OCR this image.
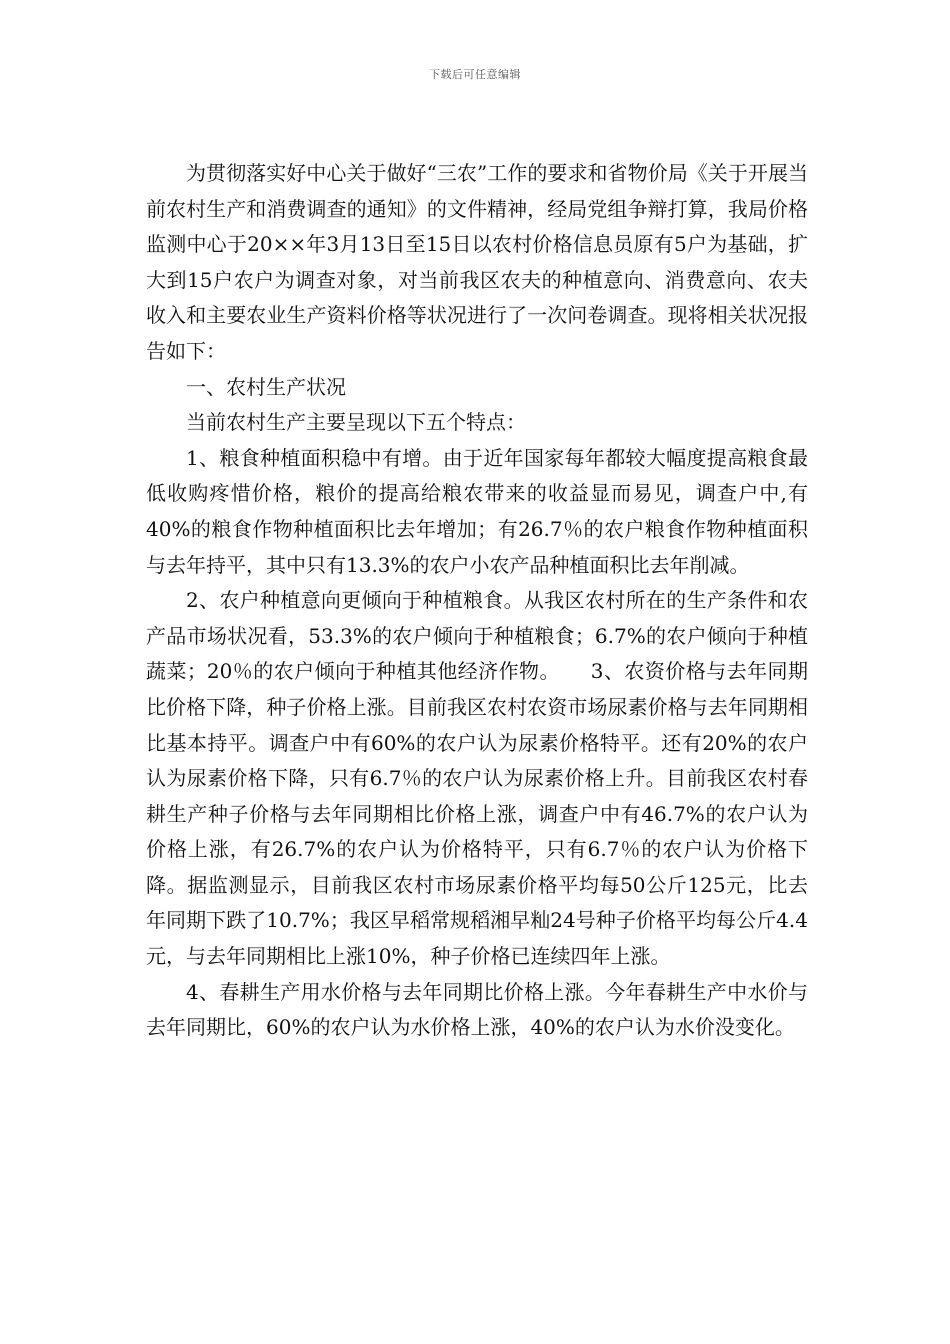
下载后可任意编辑

为贯彻落实好中心关于做好“三农”工作的要求和省物价局《关于开展当前农村生产和消费调查的通知》的文件精神，经局党组争辩打算，我局价格监测中心于20××年3月13日至15日以农村价格信息员原有5户为基础，扩大到15户农户为调查对象，对当前我区农夫的种植意向、消费意向、农夫收入和主要农业生产资料价格等状况进行了一次问卷调查。现将相关状况报告如下：

一、农村生产状况

当前农村生产主要呈现以下五个特点：

1、粮食种植面积稳中有增。由于近年国家每年都较大幅度提高粮食最低收购疼惜价格，粮价的提高给粮农带来的收益显而易见，调查户中,有40%的粮食作物种植面积比去年增加；有26.7％的农户粮食作物种植面积与去年持平，其中只有13.3%的农户小农产品种植面积比去年削减。

2、农户种植意向更倾向于种植粮食。从我区农村所在的生产条件和农产品市场状况看，53.3%的农户倾向于种植粮食；6.7%的农户倾向于种植蔬菜；20％的农户倾向于种植其他经济作物。　　3、农资价格与去年同期比价格下降，种子价格上涨。目前我区农村农资市场尿素价格与去年同期相比基本持平。调查户中有60%的农户认为尿素价格特平。还有20%的农户认为尿素价格下降，只有6.7％的农户认为尿素价格上升。目前我区农村春耕生产种子价格与去年同期相比价格上涨，调查户中有46.7%的农户认为价格上涨，有26.7%的农户认为价格特平，只有6.7％的农户认为价格下降。据监测显示，目前我区农村市场尿素价格平均每50公斤125元，比去年同期下跌了10.7%；我区早稻常规稻湘早籼24号种子价格平均每公斤4.4元，与去年同期相比上涨10%，种子价格已连续四年上涨。

4、春耕生产用水价格与去年同期比价格上涨。今年春耕生产中水价与去年同期比，60%的农户认为水价格上涨，40%的农户认为水价没变化。
